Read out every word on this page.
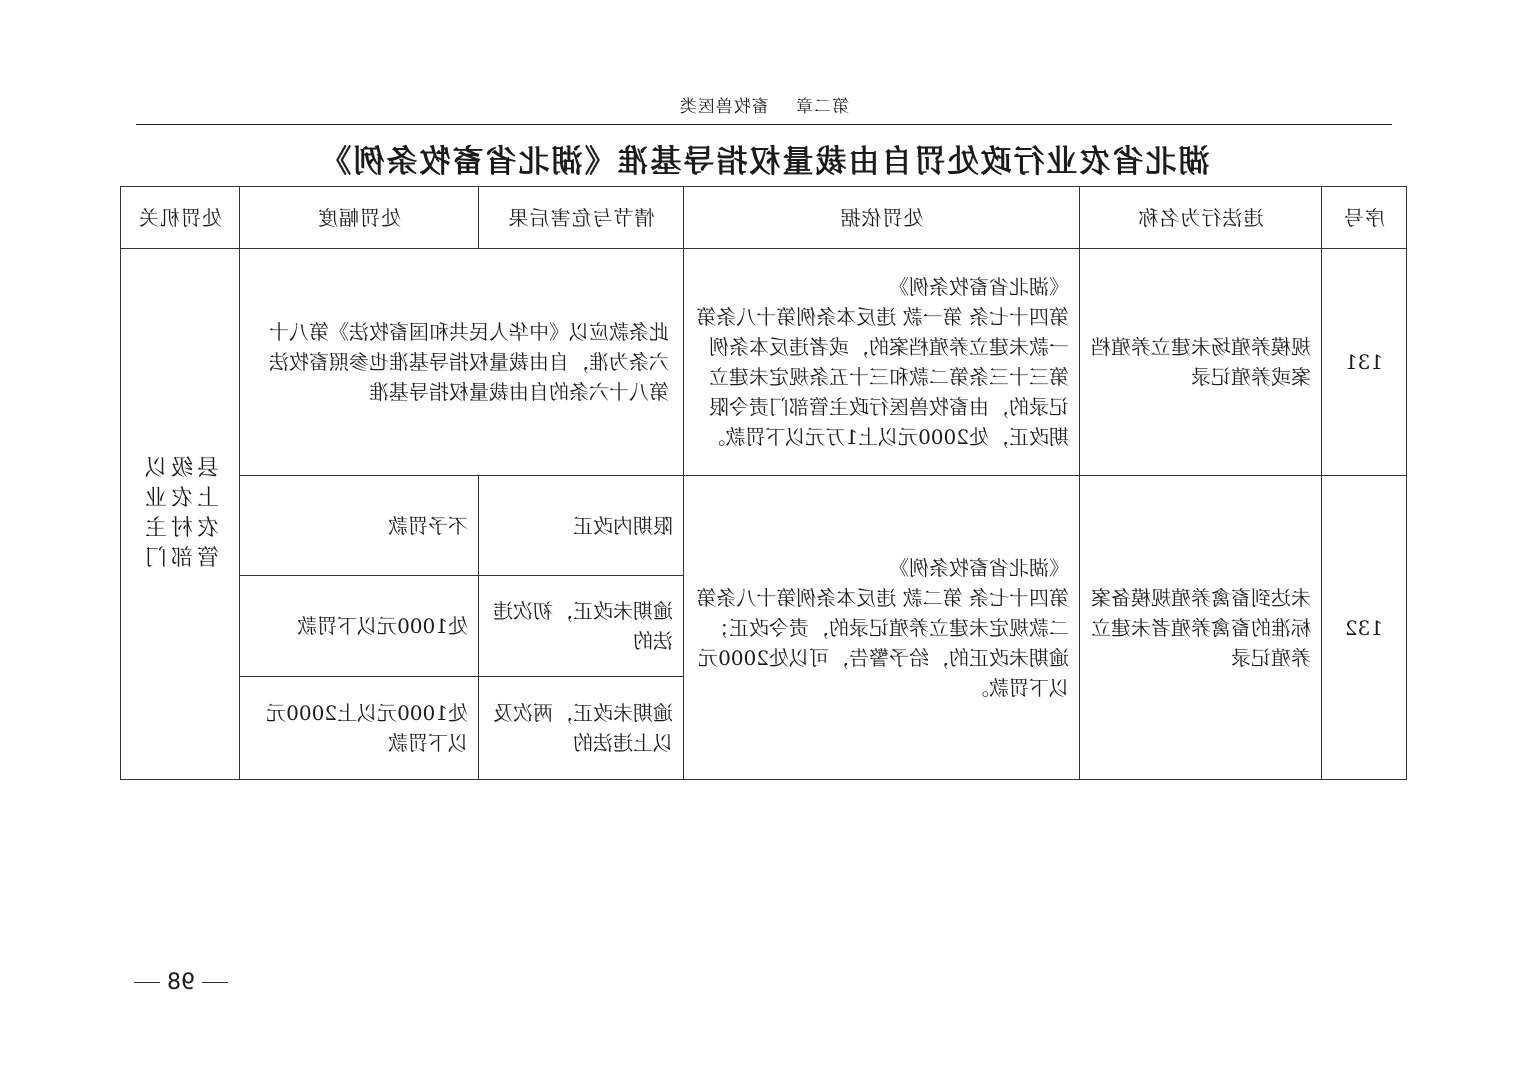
第二章 畜牧兽医类
湖北省农业行政处罚自由裁量权指导基准《湖北省畜牧条例》
序号	违法行为名称	处罚依据	情节与危害后果	处罚幅度	处罚机关
131	规模养殖场未建立养殖档案或养殖记录	《湖北省畜牧条例》
第四十七条 第一款 违反本条例第十八条第一款未建立养殖档案的，或者违反本条例第三十三条第二款和三十五条规定未建立记录的，由畜牧兽医行政主管部门责令限期改正，处2000元以上1万元以下罚款。	此条款应以《中华人民共和国畜牧法》第八十六条为准，自由裁量权指导基准也参照畜牧法第八十六条的自由裁量权指导基准		县级以上农业农村主管部门
132	未达到畜禽养殖规模备案标准的畜禽养殖者未建立养殖记录	《湖北省畜牧条例》
第四十七条 第二款 违反本条例第十八条第二款规定未建立养殖记录的，责令改正；逾期未改正的，给予警告，可以处2000元以下罚款。	限期内改正	不予罚款	
			逾期未改正，初次违法的	处1000元以下罚款	
			逾期未改正，两次及以上违法的	处1000元以上2000元以下罚款	
98
